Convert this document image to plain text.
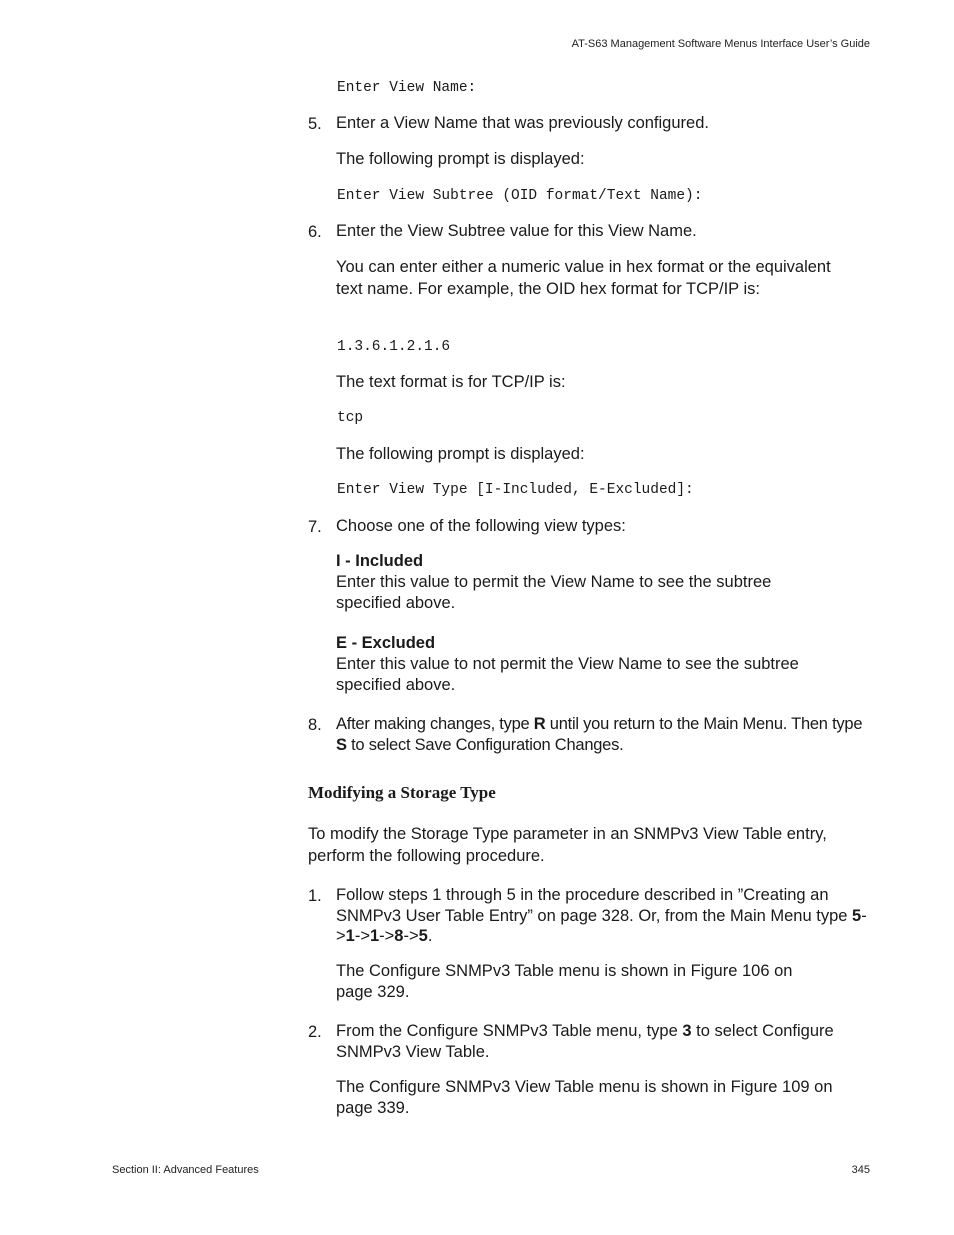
AT-S63 Management Software Menus Interface User’s Guide
Enter View Name:
5. Enter a View Name that was previously configured.
The following prompt is displayed:
Enter View Subtree (OID format/Text Name):
6. Enter the View Subtree value for this View Name.
You can enter either a numeric value in hex format or the equivalent text name. For example, the OID hex format for TCP/IP is:
1.3.6.1.2.1.6
The text format is for TCP/IP is:
tcp
The following prompt is displayed:
Enter View Type [I-Included, E-Excluded]:
7. Choose one of the following view types:
I - Included
Enter this value to permit the View Name to see the subtree specified above.
E - Excluded
Enter this value to not permit the View Name to see the subtree specified above.
8. After making changes, type R until you return to the Main Menu. Then type S to select Save Configuration Changes.
Modifying a Storage Type
To modify the Storage Type parameter in an SNMPv3 View Table entry, perform the following procedure.
1. Follow steps 1 through 5 in the procedure described in ”Creating an SNMPv3 User Table Entry” on page 328. Or, from the Main Menu type 5->1->1->8->5.
The Configure SNMPv3 Table menu is shown in Figure 106 on page 329.
2. From the Configure SNMPv3 Table menu, type 3 to select Configure SNMPv3 View Table.
The Configure SNMPv3 View Table menu is shown in Figure 109 on page 339.
Section II: Advanced Features	345
